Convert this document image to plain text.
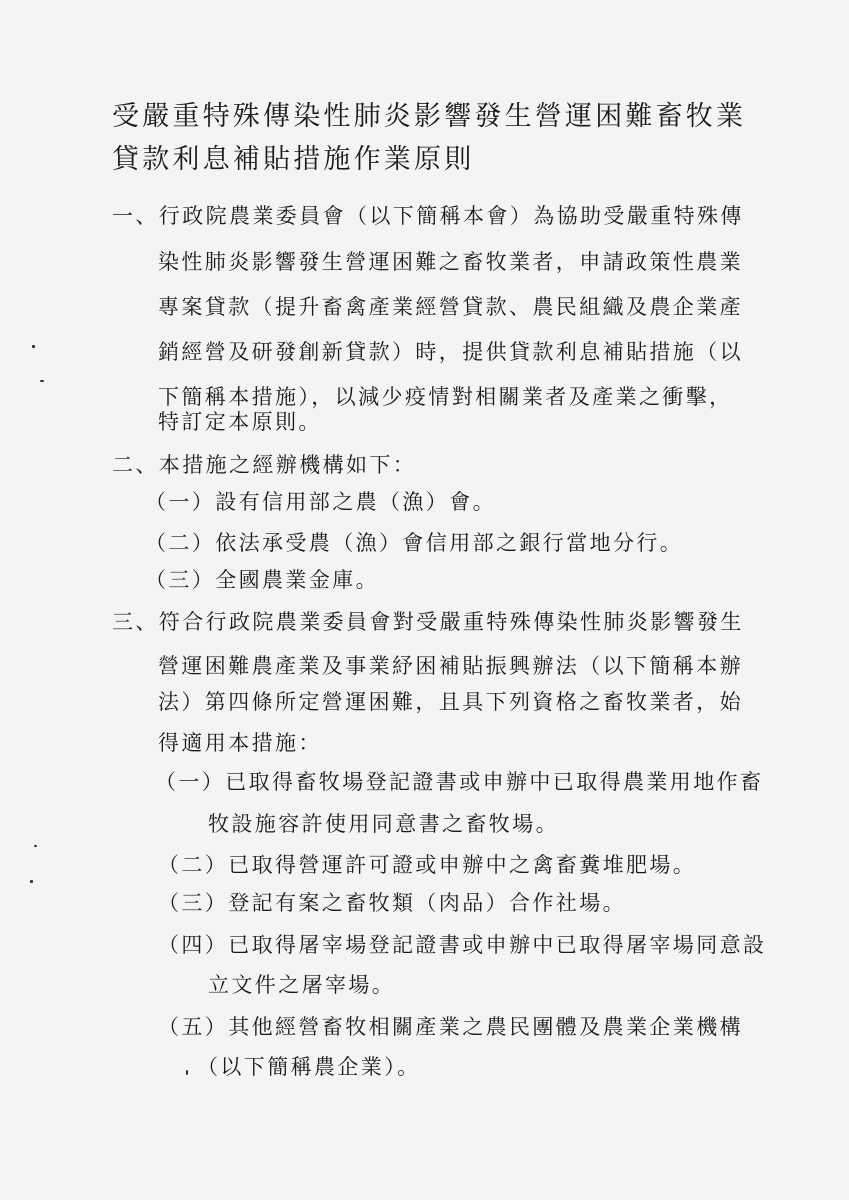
受嚴重特殊傳染性肺炎影響發生營運困難畜牧業
貸款利息補貼措施作業原則
一、行政院農業委員會（以下簡稱本會）為協助受嚴重特殊傳
染性肺炎影響發生營運困難之畜牧業者，申請政策性農業
專案貸款（提升畜禽產業經營貸款、農民組織及農企業產
銷經營及研發創新貸款）時，提供貸款利息補貼措施（以
下簡稱本措施），以減少疫情對相關業者及產業之衝擊，
特訂定本原則。
二、本措施之經辦機構如下：
（一）設有信用部之農（漁）會。
（二）依法承受農（漁）會信用部之銀行當地分行。
（三）全國農業金庫。
三、符合行政院農業委員會對受嚴重特殊傳染性肺炎影響發生
營運困難農產業及事業紓困補貼振興辦法（以下簡稱本辦
法）第四條所定營運困難，且具下列資格之畜牧業者，始
得適用本措施：
（一）已取得畜牧場登記證書或申辦中已取得農業用地作畜
牧設施容許使用同意書之畜牧場。
（二）已取得營運許可證或申辦中之禽畜糞堆肥場。
（三）登記有案之畜牧類（肉品）合作社場。
（四）已取得屠宰場登記證書或申辦中已取得屠宰場同意設
立文件之屠宰場。
（五）其他經營畜牧相關產業之農民團體及農業企業機構
（以下簡稱農企業）。
